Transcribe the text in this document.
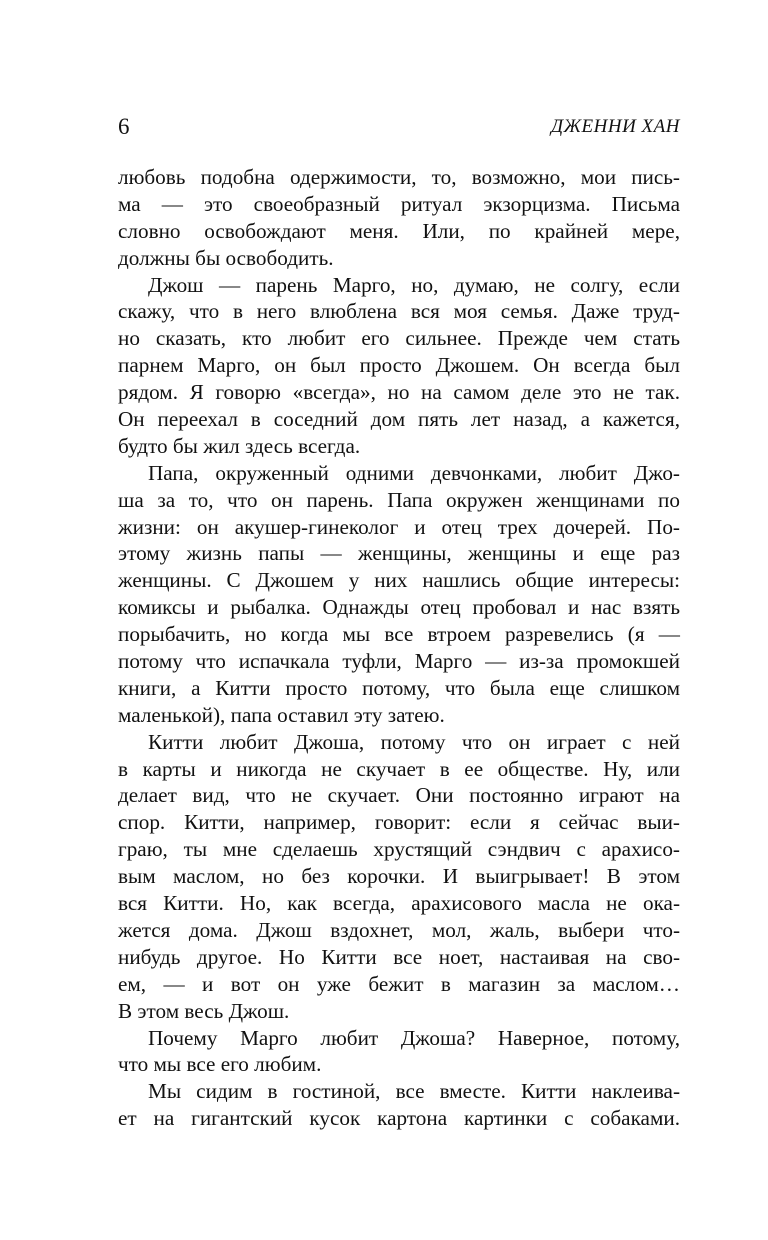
6	ДЖЕННИ ХАН
любовь подобна одержимости, то, возможно, мои пись-
ма — это своеобразный ритуал экзорцизма. Письма
словно освобождают меня. Или, по крайней мере,
должны бы освободить.
Джош — парень Марго, но, думаю, не солгу, если
скажу, что в него влюблена вся моя семья. Даже труд-
но сказать, кто любит его сильнее. Прежде чем стать
парнем Марго, он был просто Джошем. Он всегда был
рядом. Я говорю «всегда», но на самом деле это не так.
Он переехал в соседний дом пять лет назад, а кажется,
будто бы жил здесь всегда.
Папа, окруженный одними девчонками, любит Джо-
ша за то, что он парень. Папа окружен женщинами по
жизни: он акушер-гинеколог и отец трех дочерей. По-
этому жизнь папы — женщины, женщины и еще раз
женщины. С Джошем у них нашлись общие интересы:
комиксы и рыбалка. Однажды отец пробовал и нас взять
порыбачить, но когда мы все втроем разревелись (я —
потому что испачкала туфли, Марго — из-за промокшей
книги, а Китти просто потому, что была еще слишком
маленькой), папа оставил эту затею.
Китти любит Джоша, потому что он играет с ней
в карты и никогда не скучает в ее обществе. Ну, или
делает вид, что не скучает. Они постоянно играют на
спор. Китти, например, говорит: если я сейчас выи-
граю, ты мне сделаешь хрустящий сэндвич с арахисо-
вым маслом, но без корочки. И выигрывает! В этом
вся Китти. Но, как всегда, арахисового масла не ока-
жется дома. Джош вздохнет, мол, жаль, выбери что-
нибудь другое. Но Китти все ноет, настаивая на сво-
ем, — и вот он уже бежит в магазин за маслом…
В этом весь Джош.
Почему Марго любит Джоша? Наверное, потому,
что мы все его любим.
Мы сидим в гостиной, все вместе. Китти наклеива-
ет на гигантский кусок картона картинки с собаками.
